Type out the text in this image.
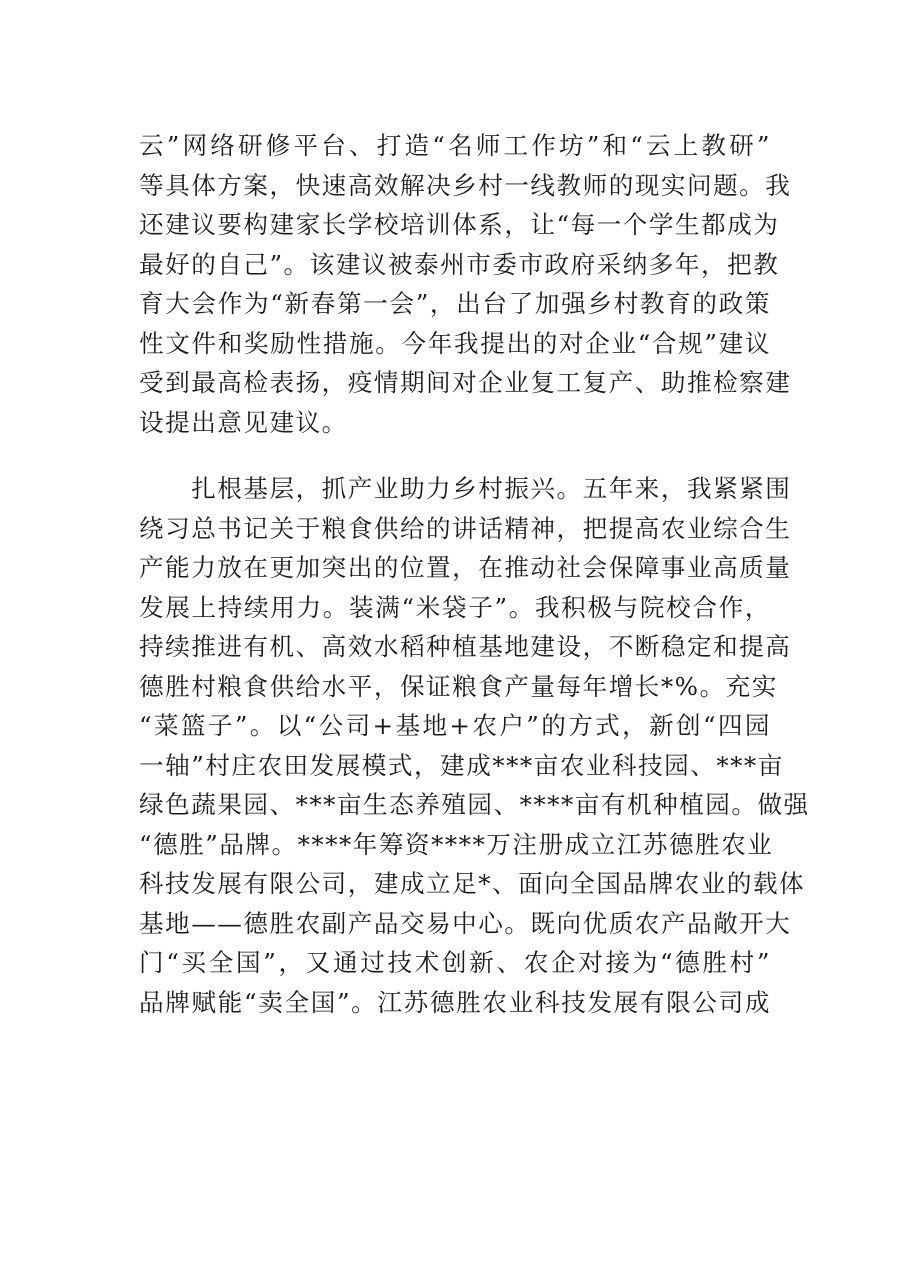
云”网络研修平台、打造“名师工作坊”和“云上教研”
等具体方案，快速高效解决乡村一线教师的现实问题。我
还建议要构建家长学校培训体系，让“每一个学生都成为
最好的自己”。该建议被泰州市委市政府采纳多年，把教
育大会作为“新春第一会”，出台了加强乡村教育的政策
性文件和奖励性措施。今年我提出的对企业“合规”建议
受到最高检表扬，疫情期间对企业复工复产、助推检察建
设提出意见建议。
　　扎根基层，抓产业助力乡村振兴。五年来，我紧紧围
绕习总书记关于粮食供给的讲话精神，把提高农业综合生
产能力放在更加突出的位置，在推动社会保障事业高质量
发展上持续用力。装满“米袋子”。我积极与院校合作，
持续推进有机、高效水稻种植基地建设，不断稳定和提高
德胜村粮食供给水平，保证粮食产量每年增长*%。充实
“菜篮子”。以“公司+基地+农户”的方式，新创“四园
一轴”村庄农田发展模式，建成***亩农业科技园、***亩
绿色蔬果园、***亩生态养殖园、****亩有机种植园。做强
“德胜”品牌。****年筹资****万注册成立江苏德胜农业
科技发展有限公司，建成立足*、面向全国品牌农业的载体
基地——德胜农副产品交易中心。既向优质农产品敞开大
门“买全国”，又通过技术创新、农企对接为“德胜村”
品牌赋能“卖全国”。江苏德胜农业科技发展有限公司成
